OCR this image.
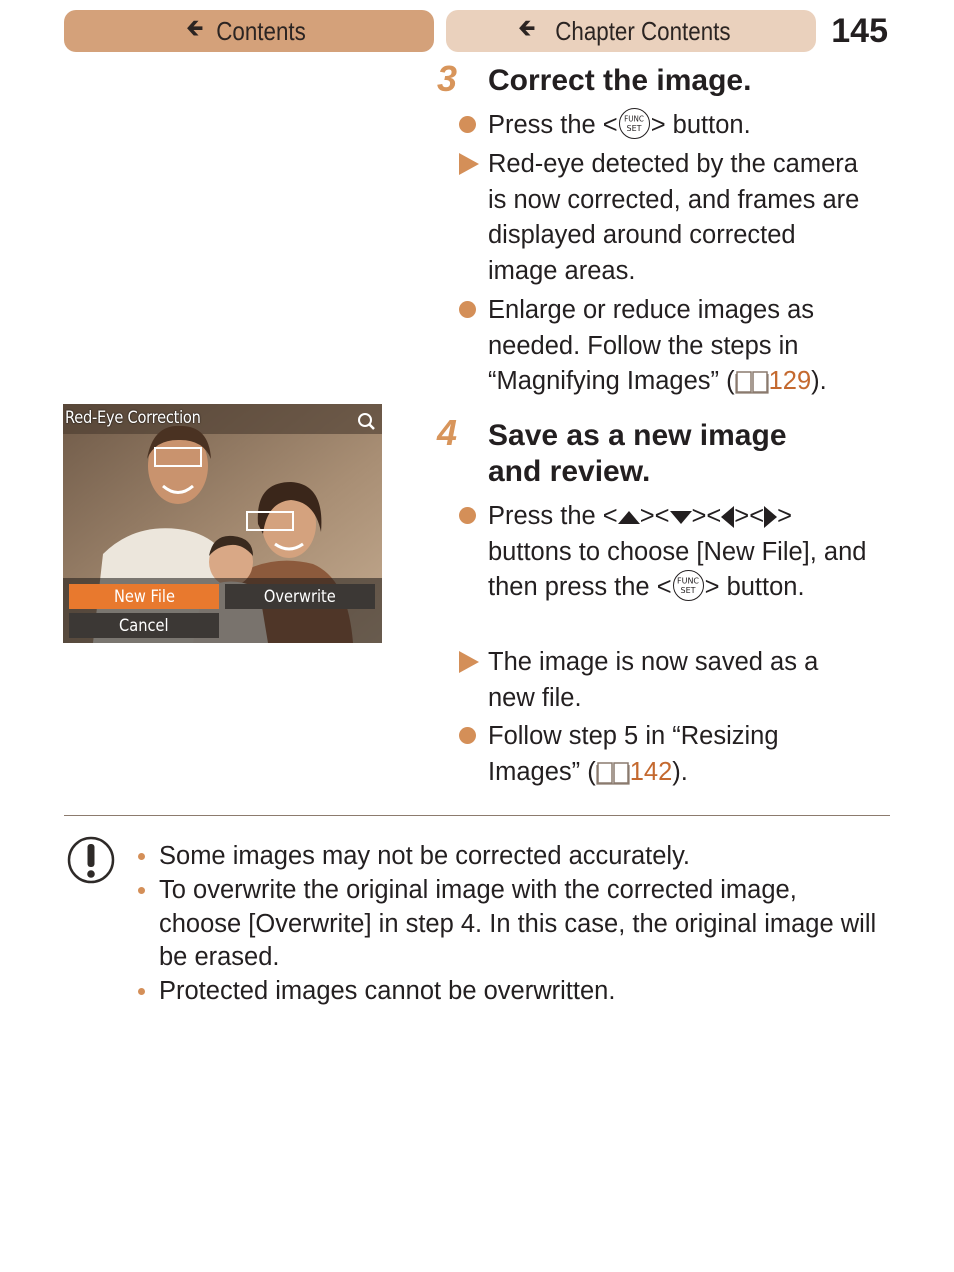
🡸 Contents	🡸 Chapter Contents	145
3 Correct the image.
Press the < FUNC
SET > button.
Red-eye detected by the camera is now corrected, and frames are displayed around corrected image areas.
Enlarge or reduce images as needed. Follow the steps in “Magnifying Images” ( 129).
4 Save as a new image
and review.
Press the < >< >< >< > buttons to choose [New File], and then press the < FUNC
SET > button.
The image is now saved as a new file.
Follow step 5 in “Resizing Images” ( 142).
Red-Eye Correction
New File	Overwrite
Cancel
Some images may not be corrected accurately.
To overwrite the original image with the corrected image, choose [Overwrite] in step 4. In this case, the original image will be erased.
Protected images cannot be overwritten.
